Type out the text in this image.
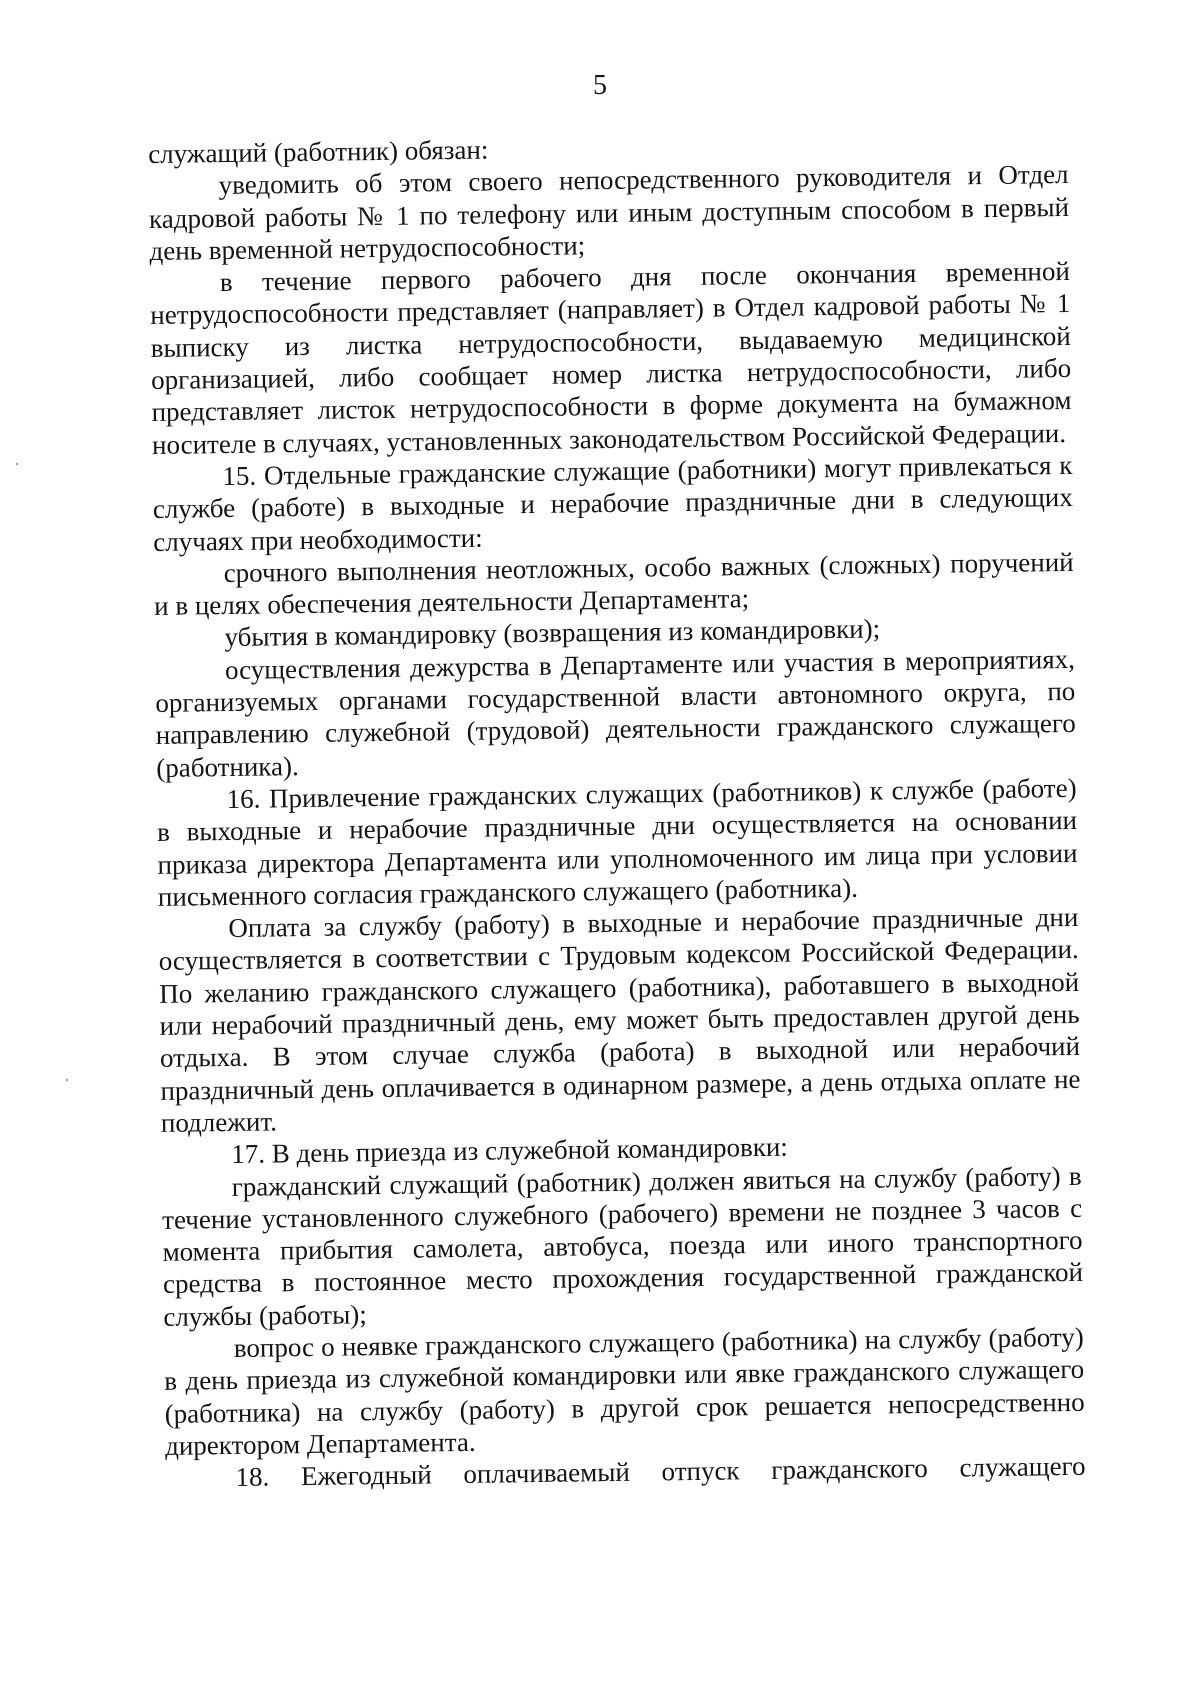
5

служащий (работник) обязан:

уведомить об этом своего непосредственного руководителя и Отдел кадровой работы № 1 по телефону или иным доступным способом в первый день временной нетрудоспособности;

в течение первого рабочего дня после окончания временной нетрудоспособности представляет (направляет) в Отдел кадровой работы № 1 выписку из листка нетрудоспособности, выдаваемую медицинской организацией, либо сообщает номер листка нетрудоспособности, либо представляет листок нетрудоспособности в форме документа на бумажном носителе в случаях, установленных законодательством Российской Федерации.

15. Отдельные гражданские служащие (работники) могут привлекаться к службе (работе) в выходные и нерабочие праздничные дни в следующих случаях при необходимости:

срочного выполнения неотложных, особо важных (сложных) поручений и в целях обеспечения деятельности Департамента;

убытия в командировку (возвращения из командировки);

осуществления дежурства в Департаменте или участия в мероприятиях, организуемых органами государственной власти автономного округа, по направлению служебной (трудовой) деятельности гражданского служащего (работника).

16. Привлечение гражданских служащих (работников) к службе (работе) в выходные и нерабочие праздничные дни осуществляется на основании приказа директора Департамента или уполномоченного им лица при условии письменного согласия гражданского служащего (работника).

Оплата за службу (работу) в выходные и нерабочие праздничные дни осуществляется в соответствии с Трудовым кодексом Российской Федерации. По желанию гражданского служащего (работника), работавшего в выходной или нерабочий праздничный день, ему может быть предоставлен другой день отдыха. В этом случае служба (работа) в выходной или нерабочий праздничный день оплачивается в одинарном размере, а день отдыха оплате не подлежит.

17. В день приезда из служебной командировки:

гражданский служащий (работник) должен явиться на службу (работу) в течение установленного служебного (рабочего) времени не позднее 3 часов с момента прибытия самолета, автобуса, поезда или иного транспортного средства в постоянное место прохождения государственной гражданской службы (работы);

вопрос о неявке гражданского служащего (работника) на службу (работу) в день приезда из служебной командировки или явке гражданского служащего (работника) на службу (работу) в другой срок решается непосредственно директором Департамента.

18. Ежегодный оплачиваемый отпуск гражданского служащего
